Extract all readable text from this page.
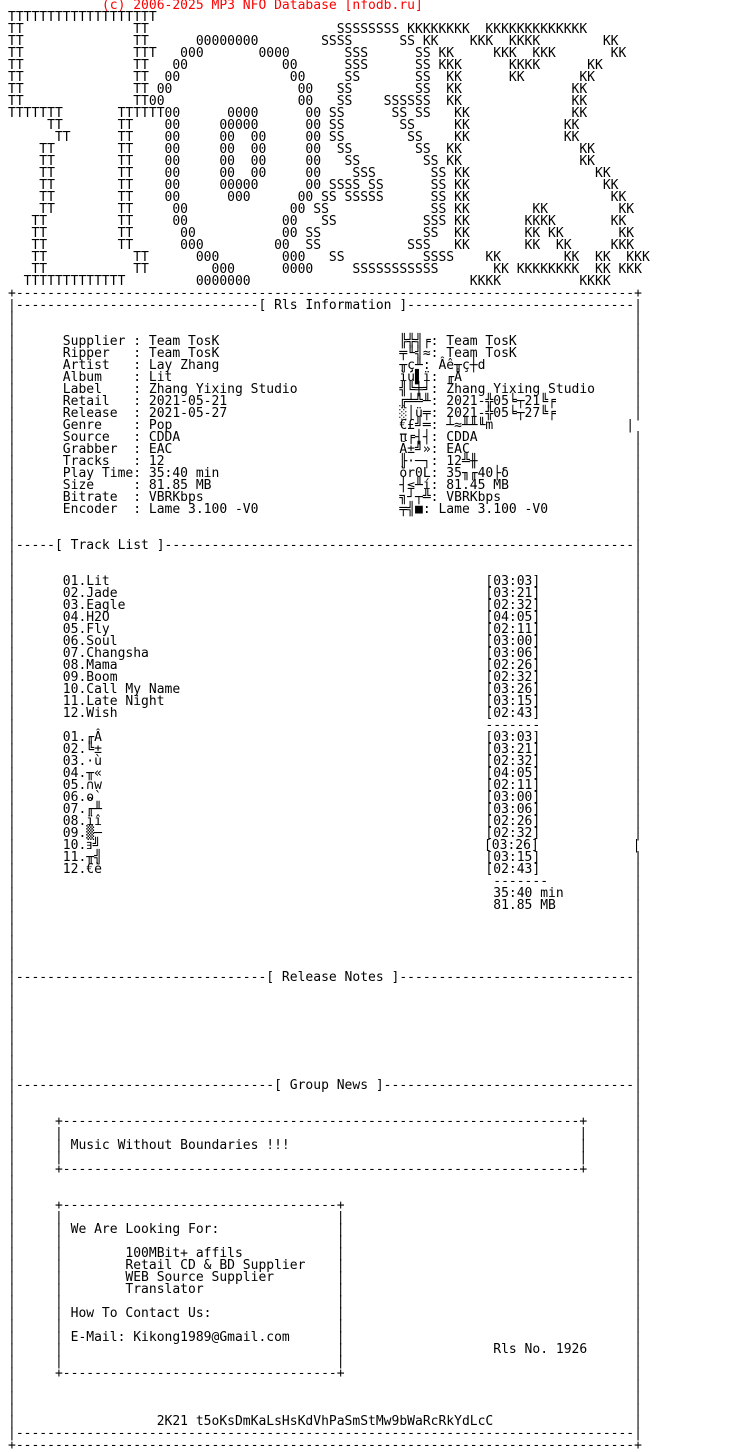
(c) 2006-2025 MP3 NFO Database [nfodb.ru]
TTTTTTTTTTTTTTTTTTT
TT              TT                        SSSSSSSS KKKKKKKK  KKKKKKKKKKKKK
TT              TT      00000000        SSSS      SS KK    KKK  KKKK        KK
TT              TTT   000       0000       SSS      SS KK     KKK  KKK       KK
TT              TT   00            00      SSS      SS KKK      KKKK      KK
TT              TT  00              00     SS       SS  KK      KK       KK
TT              TT 00                00   SS        SS  KK              KK
TT              TT00                 00   SS    SSSSSS  KK              KK
TTTTTTT       TTTTTT00      0000      00 SS      SS SS   KK             KK
TT       TT    00     00000      00 SS       SS     KK            KK
TT      TT    00     00  00     00 SS        SS    KK            KK
TT        TT    00     00  00     00  SS        SS  KK               KK
TT        TT    00     00  00     00   SS        SS KK               KK
TT        TT    00     00  00     00    SSS       SS KK                KK
TT        TT    00     00000      00 SSSS SS      SS KK                 KK
TT        TT    00      000      00 SS SSSSS      SS KK                  KK
TT        TT     00             00 SS             SS KK        KK         KK
TT         TT     00            00   SS           SSS KK       KKKK       KK
TT         TT      00           00 SS             SS  KK       KK KK       KK
TT         TT      000         00  SS           SSS   KK       KK  KK     KKK
TT           TT      000        000   SS          SSSS    KK        KK  KK  KKK
TT           TT        000      0000     SSSSSSSSSSS       KK KKKKKKKK  KK KKK
TTTTTTTTTTTTT         0000000                            KKKK          KKKK
+-------------------------------------------------------------------------------+
|-------------------------------[ Rls Information ]-----------------------------|
|                                                                               |
|                                                                               |
|      Supplier : Team TosK                       ╠╬╣╒: Team TosK               |
|      Ripper   : Team TosK                       ╤╙╣≈: Team TosK               |
|      Artist   : Lay Zhang                       ╥ç╨: Âê╥ç┼d                   |
|      Album    : Lit                             ìú▌ï: ╓Â                      |
|      Label    : Zhang Yixing Studio             ╣╚╪╛: Zhang Yixing Studio     |
|      Retail   : 2021-05-21                      ╔╧╩╨: 2021-╬05╘┬21╚╒          |
|      Release  : 2021-05-27                      ░│ü╤: 2021-╬05╘┬27╚╒          |
|      Genre    : Pop                             €£╝═: ┴≈╨╨╙m                 |
|      Source   : CDDA                            π╒┤┤: CDDA                    |
|      Grabber  : EAC                             Ã±╝»: EAC                     |
|      Tracks   : 12                              ╟·─┐: 12╩╫                    |
|      Play Time: 35:40 min                       òr0L: 35╖╓40├δ                |
|      Size     : 81.85 MB                        ┤≤╨í: 81.45 MB                |
|      Bitrate  : VBRKbps                         ╗┘┬╩: VBRKbps                 |
|      Encoder  : Lame 3.100 -V0                  ╤╣■: Lame 3.100 -V0           |
|                                                                               |
|                                                                               |
|-----[ Track List ]------------------------------------------------------------|
|                                                                               |
|                                                                               |
|      01.Lit                                                [03:03]            |
|      02.Jade                                               [03:21]            |
|      03.Eagle                                              [02:32]            |
|      04.H2O                                                [04:05]            |
|      05.Fly                                                [02:11]            |
|      06.Soul                                               [03:00]            |
|      07.Changsha                                           [03:06]            |
|      08.Mama                                               [02:26]            |
|      09.Boom                                               [02:32]            |
|      10.Call My Name                                       [03:26]            |
|      11.Late Night                                         [03:15]            |
|      12.Wish                                               [02:43]            |
|                                                            -------            |
|      01.╓Â                                                 [03:03]            |
|      02.╚±                                                 [03:21]            |
|      03.·ù                                                 [02:32]            |
|      04.╥«                                                 [04:05]            |
|      05.∩w                                                 [02:11]            |
|      06.ⱺ`                                                 [03:00]            |
|      07.╓╨                                                 [03:06]            |
|      08.ïî                                                 [02:26]            |
|      09.▒─                                                 [02:32]            |
|      10.ⱻ╝                                                 [03:26]            |
|      11.╥╣                                                 [03:15]            |
|      12.€è                                                 [02:43]            |
|                                                             -------           |
|                                                             35:40 min         |
|                                                             81.85 MB          |
|                                                                               |
|                                                                               |
|                                                                               |
|                                                                               |
|                                                                               |
|--------------------------------[ Release Notes ]------------------------------|
|                                                                               |
|                                                                               |
|                                                                               |
|                                                                               |
|                                                                               |
|                                                                               |
|                                                                               |
|                                                                               |
|---------------------------------[ Group News ]--------------------------------|
|                                                                               |
|                                                                               |
|     +------------------------------------------------------------------+      |
|     |                                                                  |      |
|     | Music Without Boundaries !!!                                     |      |
|     |                                                                  |      |
|     +------------------------------------------------------------------+      |
|                                                                               |
|                                                                               |
|     +-----------------------------------+                                     |
|     |                                   |                                     |
|     | We Are Looking For:               |                                     |
|     |                                   |                                     |
|     |        100MBit+ affils            |                                     |
|     |        Retail CD & BD Supplier    |                                     |
|     |        WEB Source Supplier        |                                     |
|     |        Translator                 |                                     |
|     |                                   |                                     |
|     | How To Contact Us:                |                                     |
|     |                                   |                                     |
|     | E-Mail: Kikong1989@Gmail.com      |                                     |
|     |                                   |                   Rls No. 1926      |
|     |                                   |                                     |
|     +-----------------------------------+                                     |
|                                                                               |
|                                                                               |
|                                                                               |
|                  2K21 t5oKsDmKaLsHsKdVhPaSmStMw9bWaRcRkYdLcC                  |
|-------------------------------------------------------------------------------|
+-------------------------------------------------------------------------------+
